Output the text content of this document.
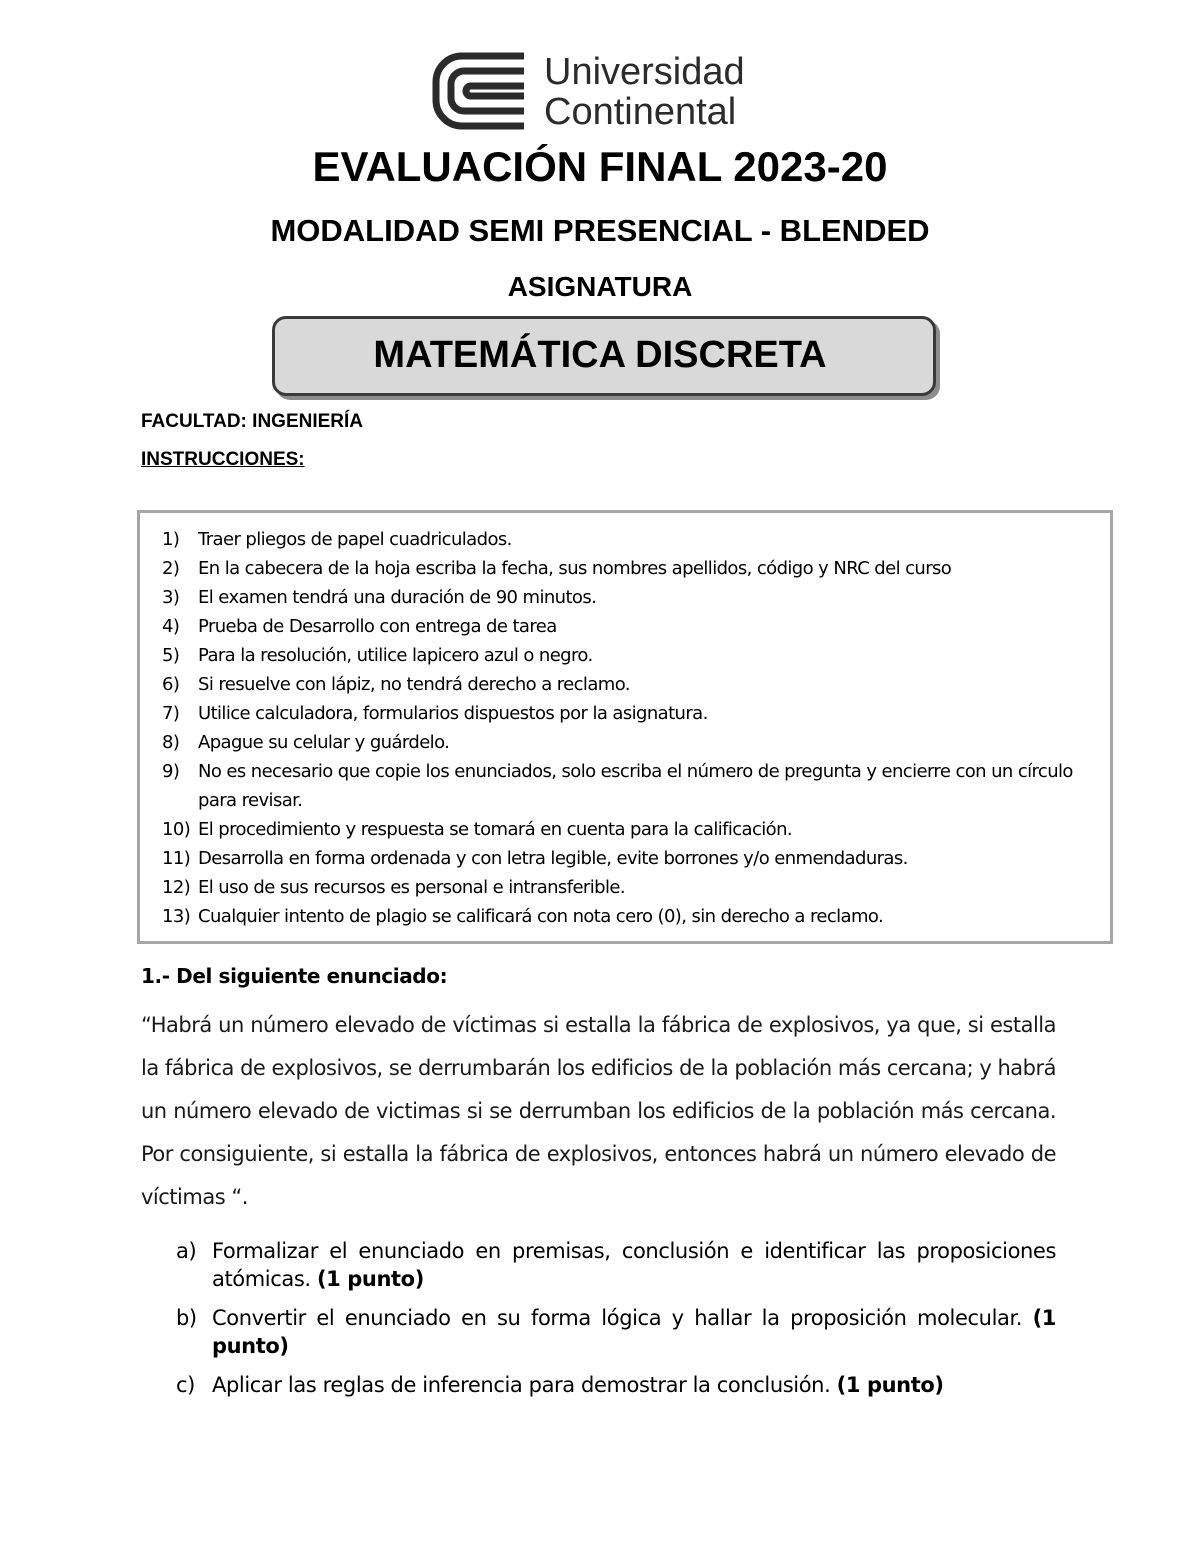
Universidad
Continental
EVALUACIÓN FINAL 2023-20
MODALIDAD SEMI PRESENCIAL - BLENDED
ASIGNATURA
MATEMÁTICA DISCRETA
FACULTAD: INGENIERÍA
INSTRUCCIONES:
1)	Traer pliegos de papel cuadriculados.
2)	En la cabecera de la hoja escriba la fecha, sus nombres apellidos, código y NRC del curso
3)	El examen tendrá una duración de 90 minutos.
4)	Prueba de Desarrollo con entrega de tarea
5)	Para la resolución, utilice lapicero azul o negro.
6)	Si resuelve con lápiz, no tendrá derecho a reclamo.
7)	Utilice calculadora, formularios dispuestos por la asignatura.
8)	Apague su celular y guárdelo.
9)	No es necesario que copie los enunciados, solo escriba el número de pregunta y encierre con un círculo para revisar.
10) El procedimiento y respuesta se tomará en cuenta para la calificación.
11) Desarrolla en forma ordenada y con letra legible, evite borrones y/o enmendaduras.
12) El uso de sus recursos es personal e intransferible.
13) Cualquier intento de plagio se calificará con nota cero (0), sin derecho a reclamo.
1.- Del siguiente enunciado:
“Habrá un número elevado de víctimas si estalla la fábrica de explosivos, ya que, si estalla la fábrica de explosivos, se derrumbarán los edificios de la población más cercana; y habrá un número elevado de victimas si se derrumban los edificios de la población más cercana. Por consiguiente, si estalla la fábrica de explosivos, entonces habrá un número elevado de víctimas “.
a) Formalizar el enunciado en premisas, conclusión e identificar las proposiciones atómicas. (1 punto)
b) Convertir el enunciado en su forma lógica y hallar la proposición molecular. (1 punto)
c) Aplicar las reglas de inferencia para demostrar la conclusión. (1 punto)
